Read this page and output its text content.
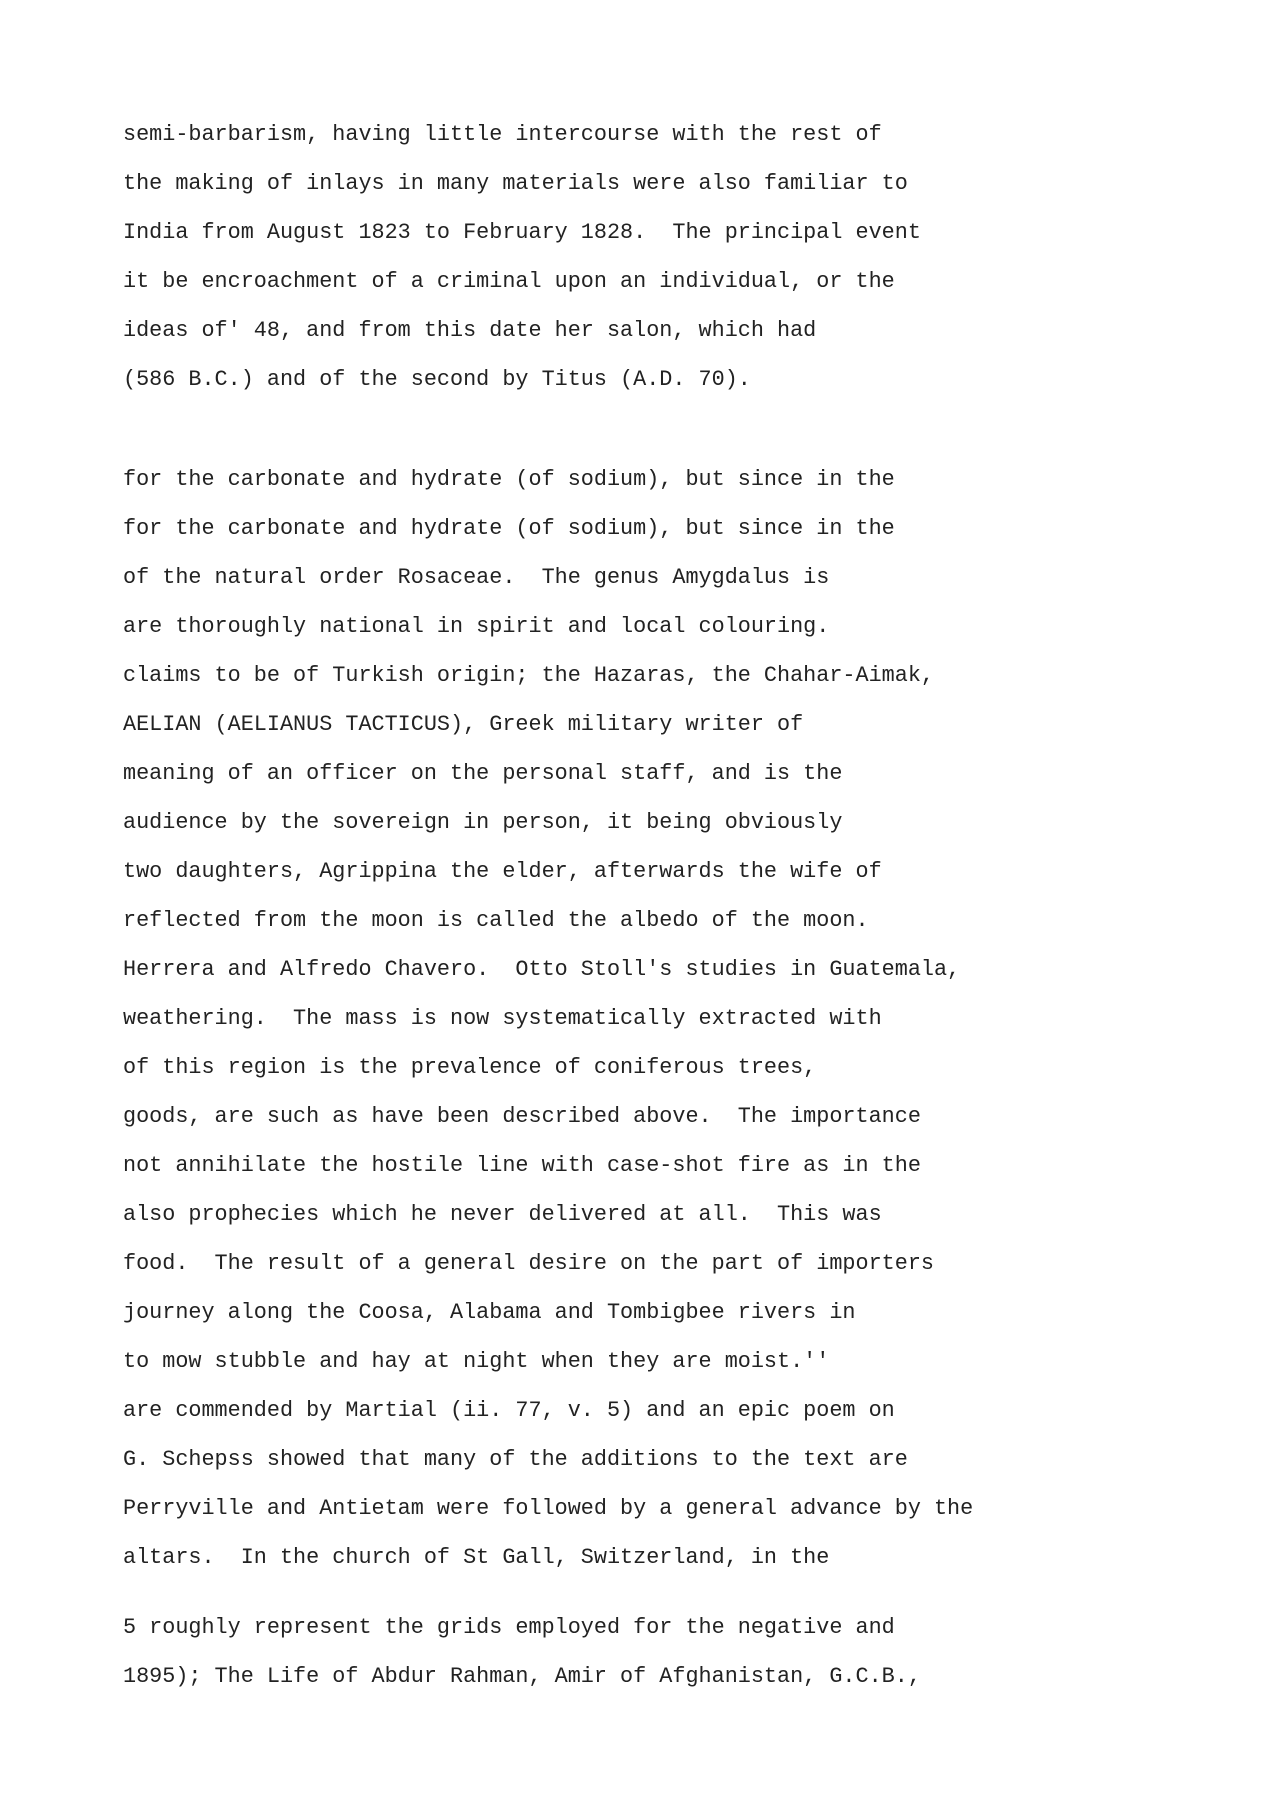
semi-barbarism, having little intercourse with the rest of
the making of inlays in many materials were also familiar to
India from August 1823 to February 1828.  The principal event
it be encroachment of a criminal upon an individual, or the
ideas of' 48, and from this date her salon, which had
(586 B.C.) and of the second by Titus (A.D. 70).
for the carbonate and hydrate (of sodium), but since in the
for the carbonate and hydrate (of sodium), but since in the
of the natural order Rosaceae.  The genus Amygdalus is
are thoroughly national in spirit and local colouring.
claims to be of Turkish origin; the Hazaras, the Chahar-Aimak,
AELIAN (AELIANUS TACTICUS), Greek military writer of
meaning of an officer on the personal staff, and is the
audience by the sovereign in person, it being obviously
two daughters, Agrippina the elder, afterwards the wife of
reflected from the moon is called the albedo of the moon.
Herrera and Alfredo Chavero.  Otto Stoll's studies in Guatemala,
weathering.  The mass is now systematically extracted with
of this region is the prevalence of coniferous trees,
goods, are such as have been described above.  The importance
not annihilate the hostile line with case-shot fire as in the
also prophecies which he never delivered at all.  This was
food.  The result of a general desire on the part of importers
journey along the Coosa, Alabama and Tombigbee rivers in
to mow stubble and hay at night when they are moist.''
are commended by Martial (ii. 77, v. 5) and an epic poem on
G. Schepss showed that many of the additions to the text are
Perryville and Antietam were followed by a general advance by the
altars.  In the church of St Gall, Switzerland, in the
5 roughly represent the grids employed for the negative and
1895); The Life of Abdur Rahman, Amir of Afghanistan, G.C.B.,
